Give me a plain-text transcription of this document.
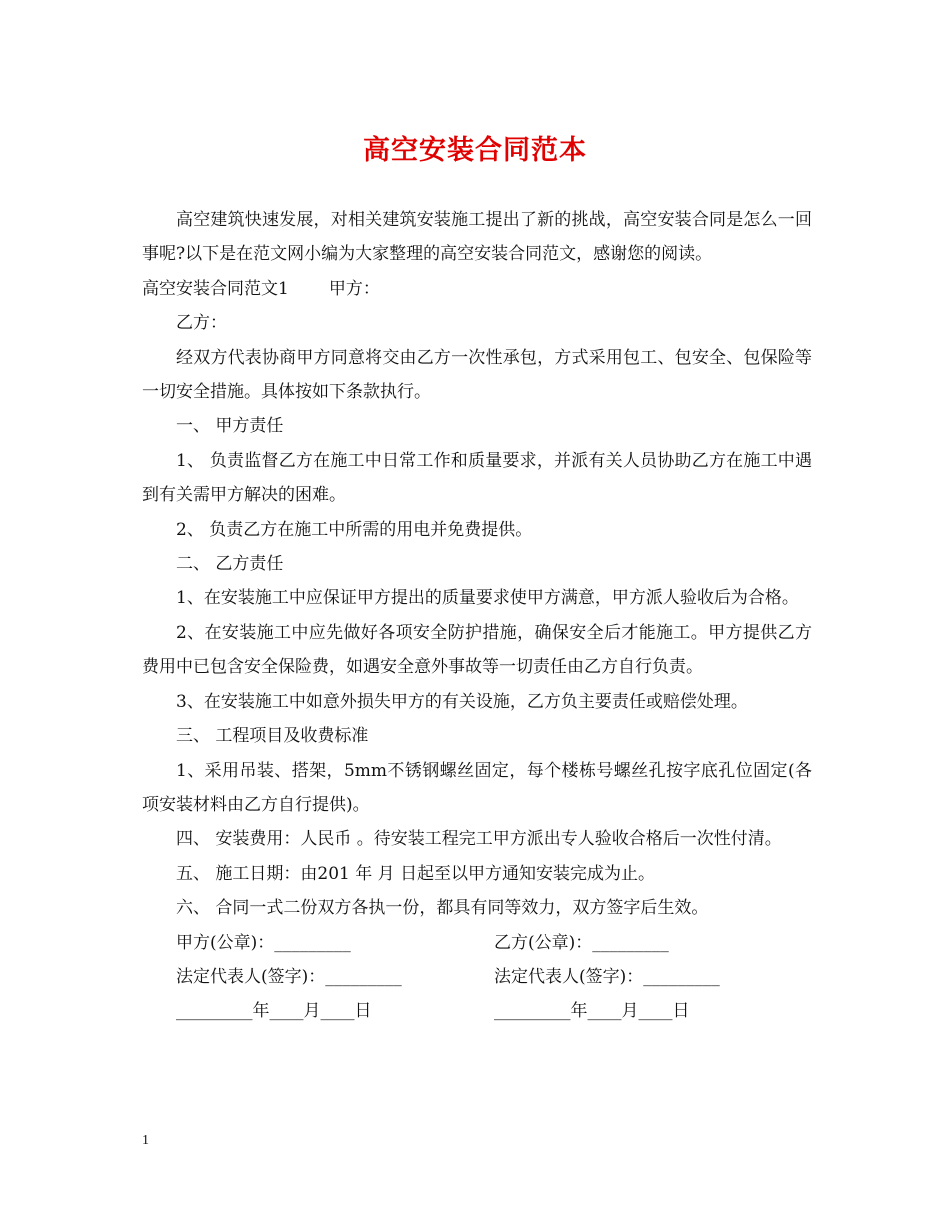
高空安装合同范本

高空建筑快速发展，对相关建筑安装施工提出了新的挑战，高空安装合同是怎么一回事呢?以下是在范文网小编为大家整理的高空安装合同范文，感谢您的阅读。

高空安装合同范文1 甲方：

乙方：

经双方代表协商甲方同意将交由乙方一次性承包，方式采用包工、包安全、包保险等一切安全措施。具体按如下条款执行。

一、 甲方责任

1、 负责监督乙方在施工中日常工作和质量要求，并派有关人员协助乙方在施工中遇到有关需甲方解决的困难。

2、 负责乙方在施工中所需的用电并免费提供。

二、 乙方责任

1、在安装施工中应保证甲方提出的质量要求使甲方满意，甲方派人验收后为合格。

2、在安装施工中应先做好各项安全防护措施，确保安全后才能施工。甲方提供乙方费用中已包含安全保险费，如遇安全意外事故等一切责任由乙方自行负责。

3、在安装施工中如意外损失甲方的有关设施，乙方负主要责任或赔偿处理。

三、 工程项目及收费标准

1、采用吊装、搭架，5mm不锈钢螺丝固定，每个楼栋号螺丝孔按字底孔位固定(各项安装材料由乙方自行提供)。

四、 安装费用：人民币 。待安装工程完工甲方派出专人验收合格后一次性付清。

五、 施工日期：由201 年 月 日起至以甲方通知安装完成为止。

六、 合同一式二份双方各执一份，都具有同等效力，双方签字后生效。

甲方(公章)：_________	乙方(公章)：_________
法定代表人(签字)：_________	法定代表人(签字)：_________
_________年____月____日	_________年____月____日
1
